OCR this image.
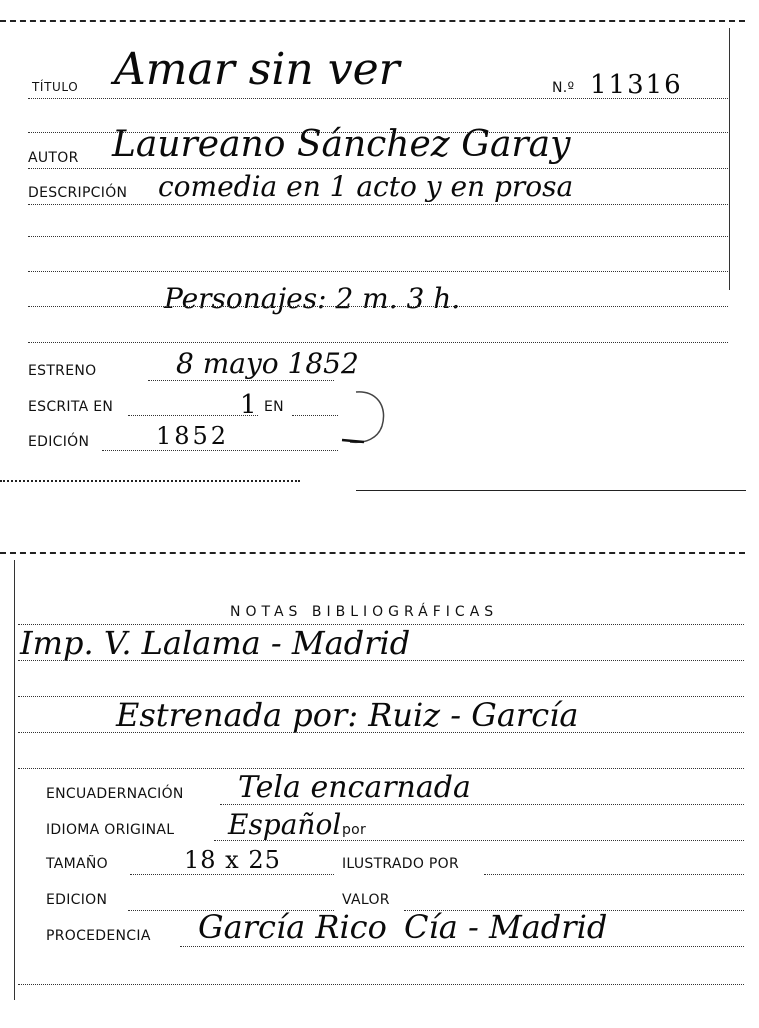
TÍTULO Amar sin ver	N.º 11316
AUTOR Laureano Sánchez Garay
DESCRIPCIÓN comedia en 1 acto y en prosa
Personajes: 2 m. 3 h.
ESTRENO	8 mayo 1852
ESCRITA EN	1 EN
EDICIÓN	1852
NOTAS BIBLIOGRÁFICAS
Imp. V. Lalama - Madrid
Estrenada por: Ruiz - García
ENCUADERNACIÓN Tela encarnada
IDIOMA ORIGINAL Español por
TAMAÑO	18 x 25	ILUSTRADO POR
EDICION	VALOR
PROCEDENCIA García Rico Cía - Madrid
